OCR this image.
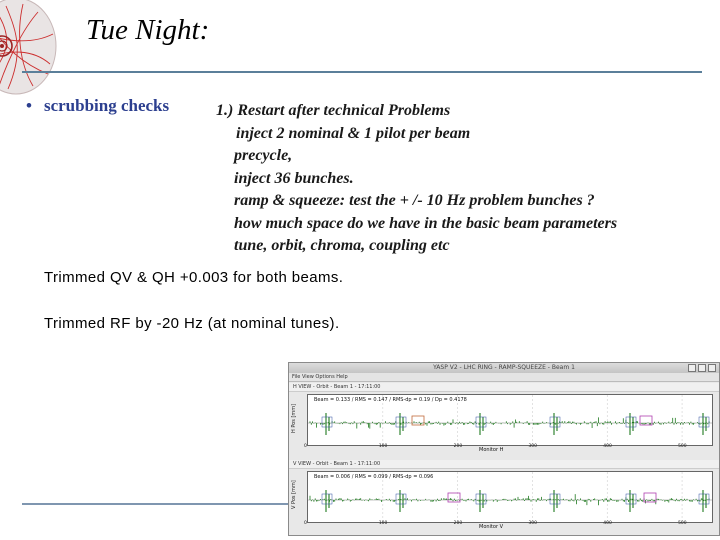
Tue Night:
• scrubbing checks	1.) Restart after technical Problems
inject 2 nominal & 1 pilot per beam
precycle,
inject 36 bunches.
ramp & squeeze: test the + /- 10 Hz problem bunches ?
how much space do we have in the basic beam parameters
tune, orbit, chroma, coupling etc
Trimmed QV & QH +0.003 for both beams.
Trimmed RF by -20 Hz (at nominal tunes).
YASP V2 - LHC RING - RAMP-SQUEEZE - Beam 1
File View Options Help
H VIEW - Orbit - Beam 1 - 17:11:00
H Pos [mm]
Beam = 0.133 / RMS = 0.147 / RMS-dp = 0.19 / Dp = 0.4178
0	100	200	300	400	500
Monitor H
V VIEW - Orbit - Beam 1 - 17:11:00
V Pos [mm]
Beam = 0.006 / RMS = 0.099 / RMS-dp = 0.096
0	100	200	300	400	500
Monitor V
